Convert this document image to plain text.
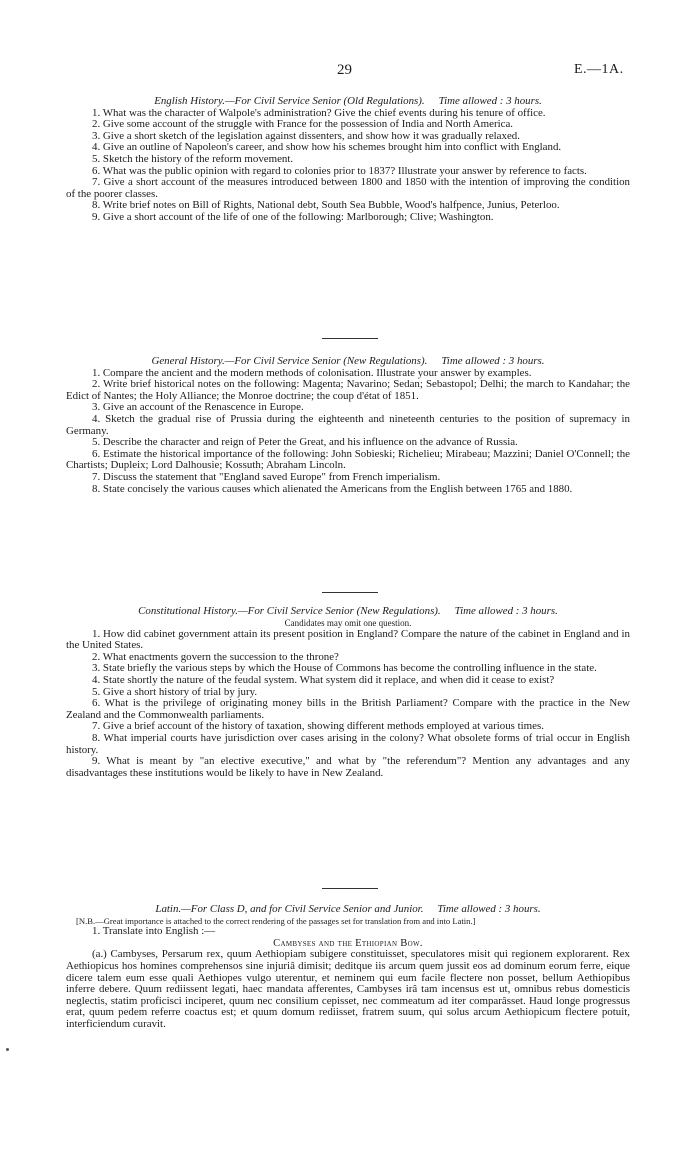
29	E.—1A.

English History.—For Civil Service Senior (Old Regulations). Time allowed : 3 hours.

1. What was the character of Walpole's administration? Give the chief events during his tenure of office.

2. Give some account of the struggle with France for the possession of India and North America.

3. Give a short sketch of the legislation against dissenters, and show how it was gradually relaxed.

4. Give an outline of Napoleon's career, and show how his schemes brought him into conflict with England.

5. Sketch the history of the reform movement.

6. What was the public opinion with regard to colonies prior to 1837? Illustrate your answer by reference to facts.

7. Give a short account of the measures introduced between 1800 and 1850 with the intention of improving the condition of the poorer classes.

8. Write brief notes on Bill of Rights, National debt, South Sea Bubble, Wood's halfpence, Junius, Peterloo.

9. Give a short account of the life of one of the following: Marlborough; Clive; Washington.

General History.—For Civil Service Senior (New Regulations). Time allowed : 3 hours.

1. Compare the ancient and the modern methods of colonisation. Illustrate your answer by examples.

2. Write brief historical notes on the following: Magenta; Navarino; Sedan; Sebastopol; Delhi; the march to Kandahar; the Edict of Nantes; the Holy Alliance; the Monroe doctrine; the coup d'état of 1851.

3. Give an account of the Renascence in Europe.

4. Sketch the gradual rise of Prussia during the eighteenth and nineteenth centuries to the position of supremacy in Germany.

5. Describe the character and reign of Peter the Great, and his influence on the advance of Russia.

6. Estimate the historical importance of the following: John Sobieski; Richelieu; Mirabeau; Mazzini; Daniel O'Connell; the Chartists; Dupleix; Lord Dalhousie; Kossuth; Abraham Lincoln.

7. Discuss the statement that "England saved Europe" from French imperialism.

8. State concisely the various causes which alienated the Americans from the English between 1765 and 1880.

Constitutional History.—For Civil Service Senior (New Regulations). Time allowed : 3 hours.

Candidates may omit one question.

1. How did cabinet government attain its present position in England? Compare the nature of the cabinet in England and in the United States.

2. What enactments govern the succession to the throne?

3. State briefly the various steps by which the House of Commons has become the controlling influence in the state.

4. State shortly the nature of the feudal system. What system did it replace, and when did it cease to exist?

5. Give a short history of trial by jury.

6. What is the privilege of originating money bills in the British Parliament? Compare with the practice in the New Zealand and the Commonwealth parliaments.

7. Give a brief account of the history of taxation, showing different methods employed at various times.

8. What imperial courts have jurisdiction over cases arising in the colony? What obsolete forms of trial occur in English history.

9. What is meant by "an elective executive," and what by "the referendum"? Mention any advantages and any disadvantages these institutions would be likely to have in New Zealand.

Latin.—For Class D, and for Civil Service Senior and Junior. Time allowed : 3 hours.

[N.B.—Great importance is attached to the correct rendering of the passages set for translation from and into Latin.]

1. Translate into English :—

Cambyses and the Ethiopian Bow.

(a.) Cambyses, Persarum rex, quum Aethiopiam subigere constituisset, speculatores misit qui regionem explorarent. Rex Aethiopicus hos homines comprehensos sine injuriâ dimisit; deditque iis arcum quem jussit eos ad dominum eorum ferre, eique dicere talem eum esse quali Aethiopes vulgo uterentur, et neminem qui eum facile flectere non posset, bellum Aethiopibus inferre debere. Quum rediissent legati, haec mandata afferentes, Cambyses irâ tam incensus est ut, omnibus rebus domesticis neglectis, statim proficisci inciperet, quum nec consilium cepisset, nec commeatum ad iter comparâsset. Haud longe progressus erat, quum pedem referre coactus est; et quum domum rediisset, fratrem suum, qui solus arcum Aethiopicum flectere potuit, interficiendum curavit.
